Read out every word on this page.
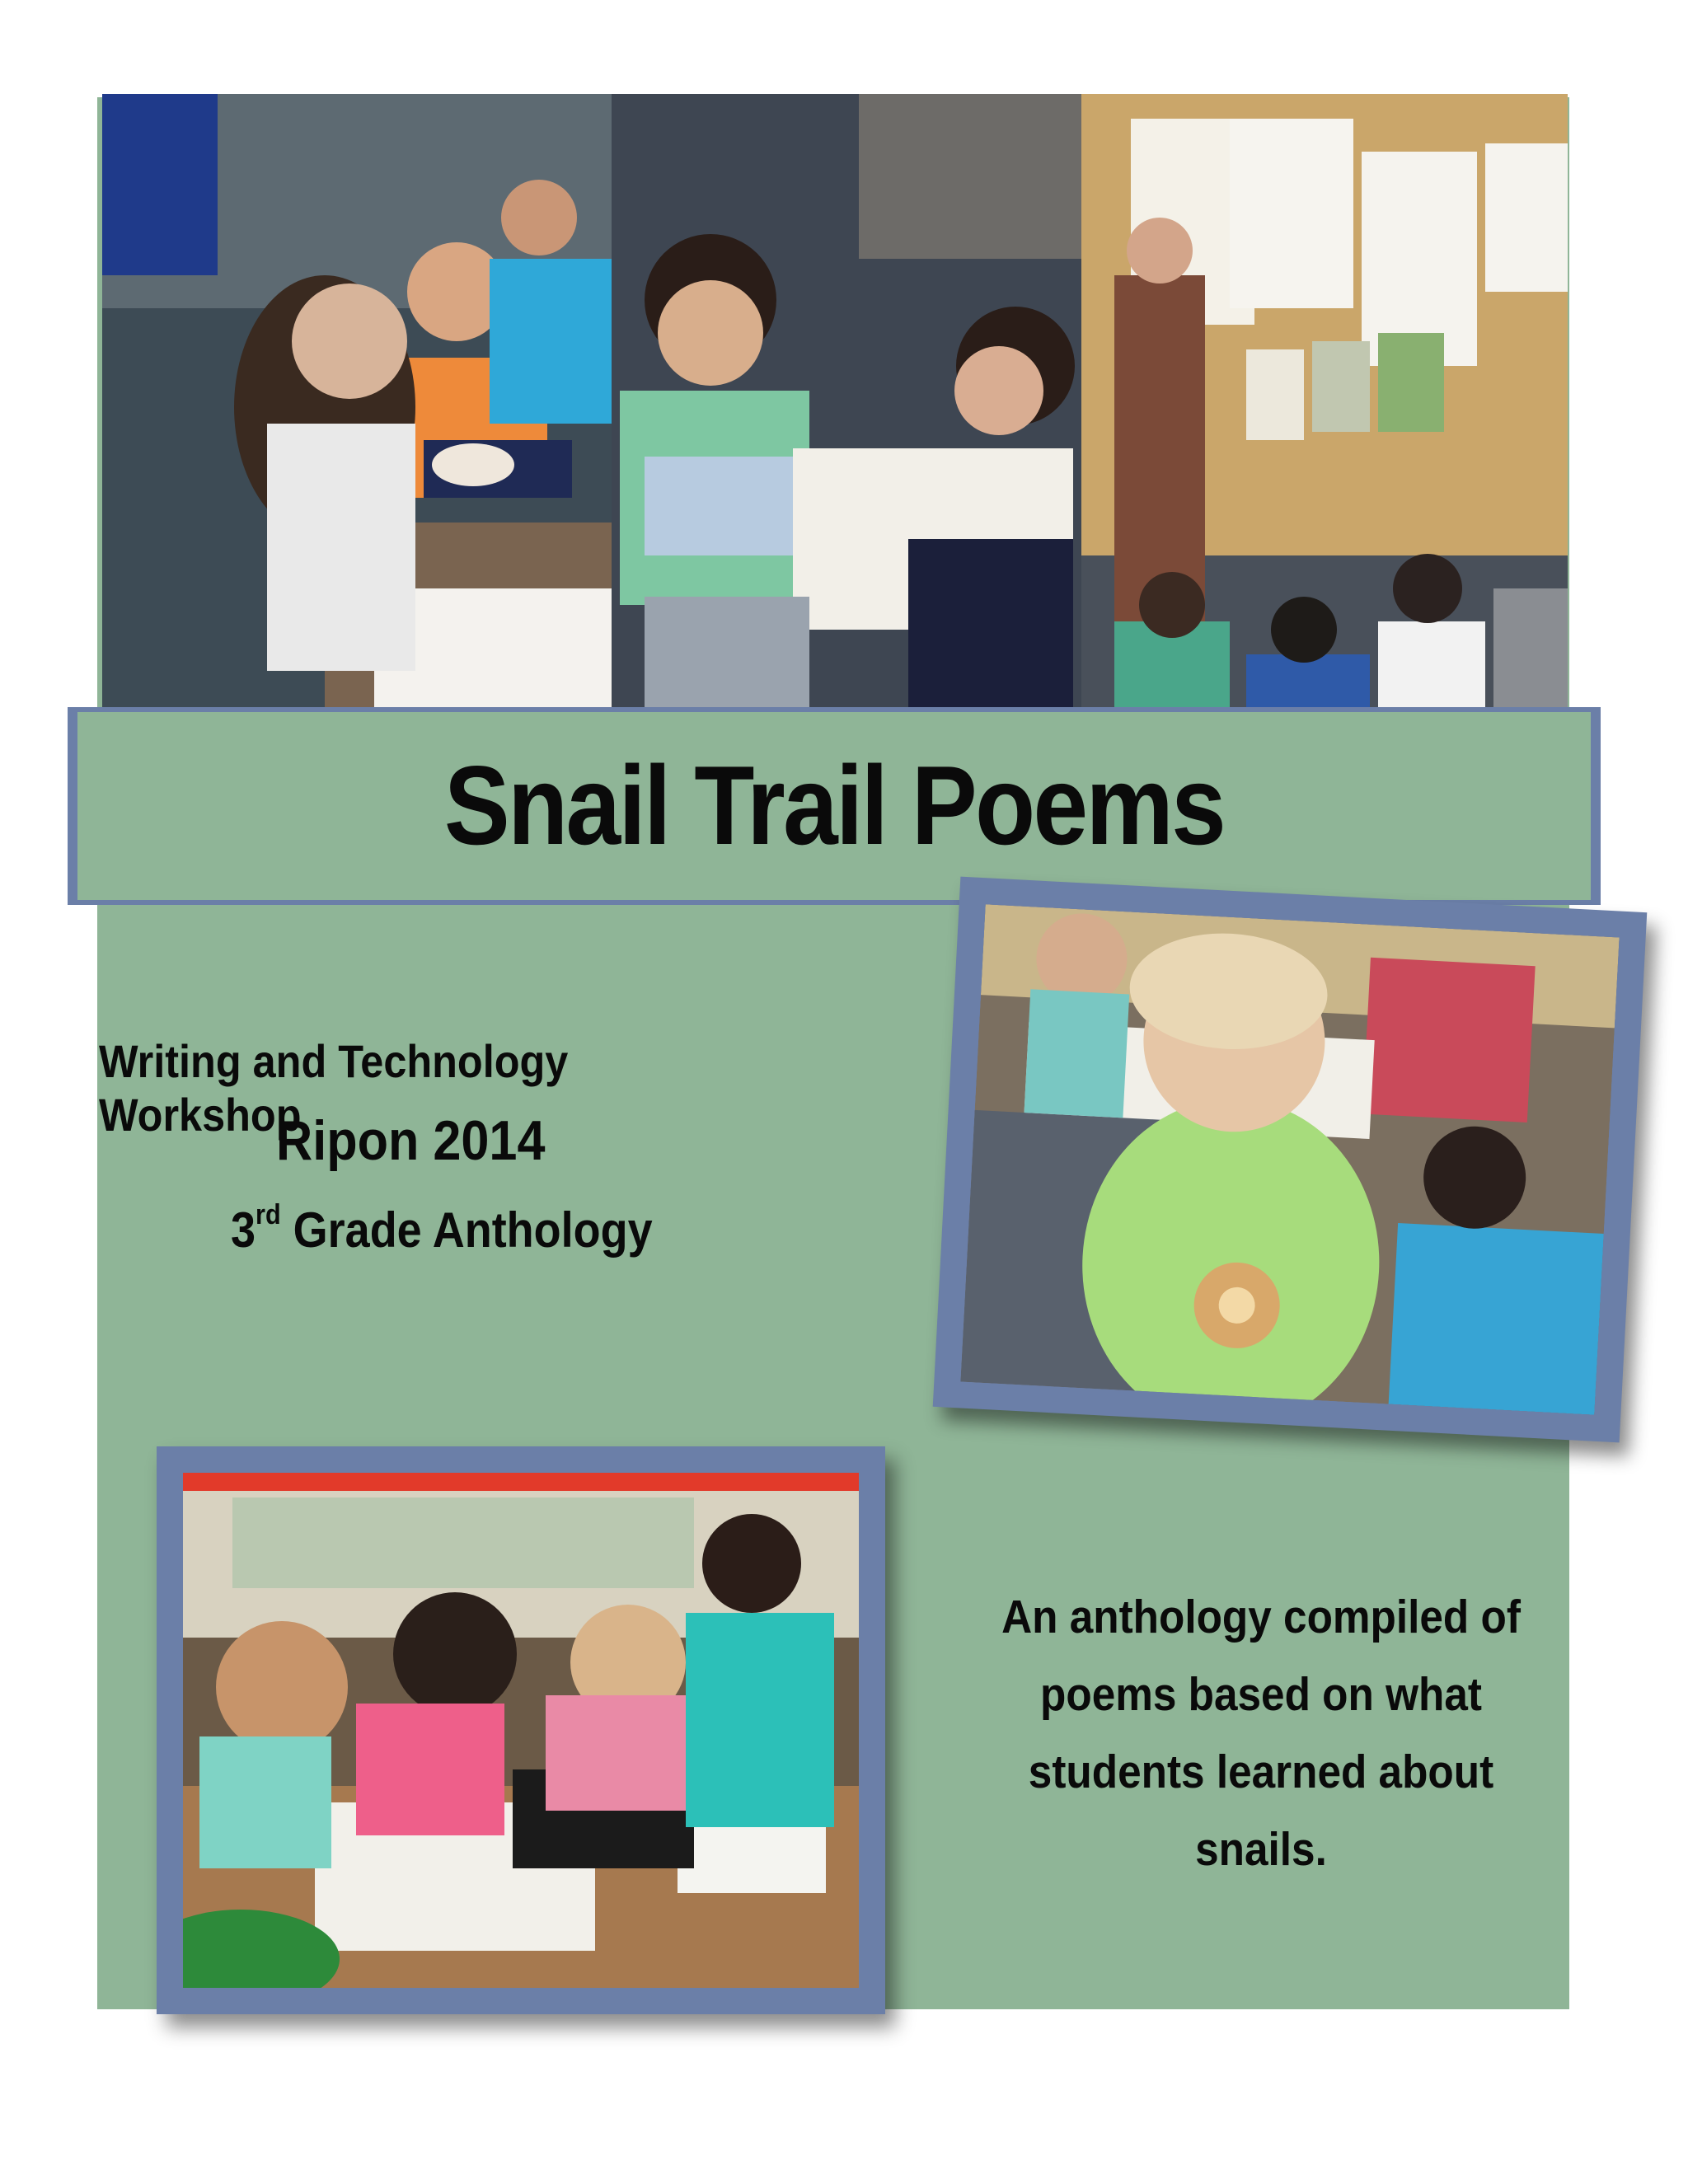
Snail Trail Poems
Writing and Technology Workshop
Ripon 2014
3rd Grade Anthology
An anthology compiled of
poems based on what
students learned about
snails.
